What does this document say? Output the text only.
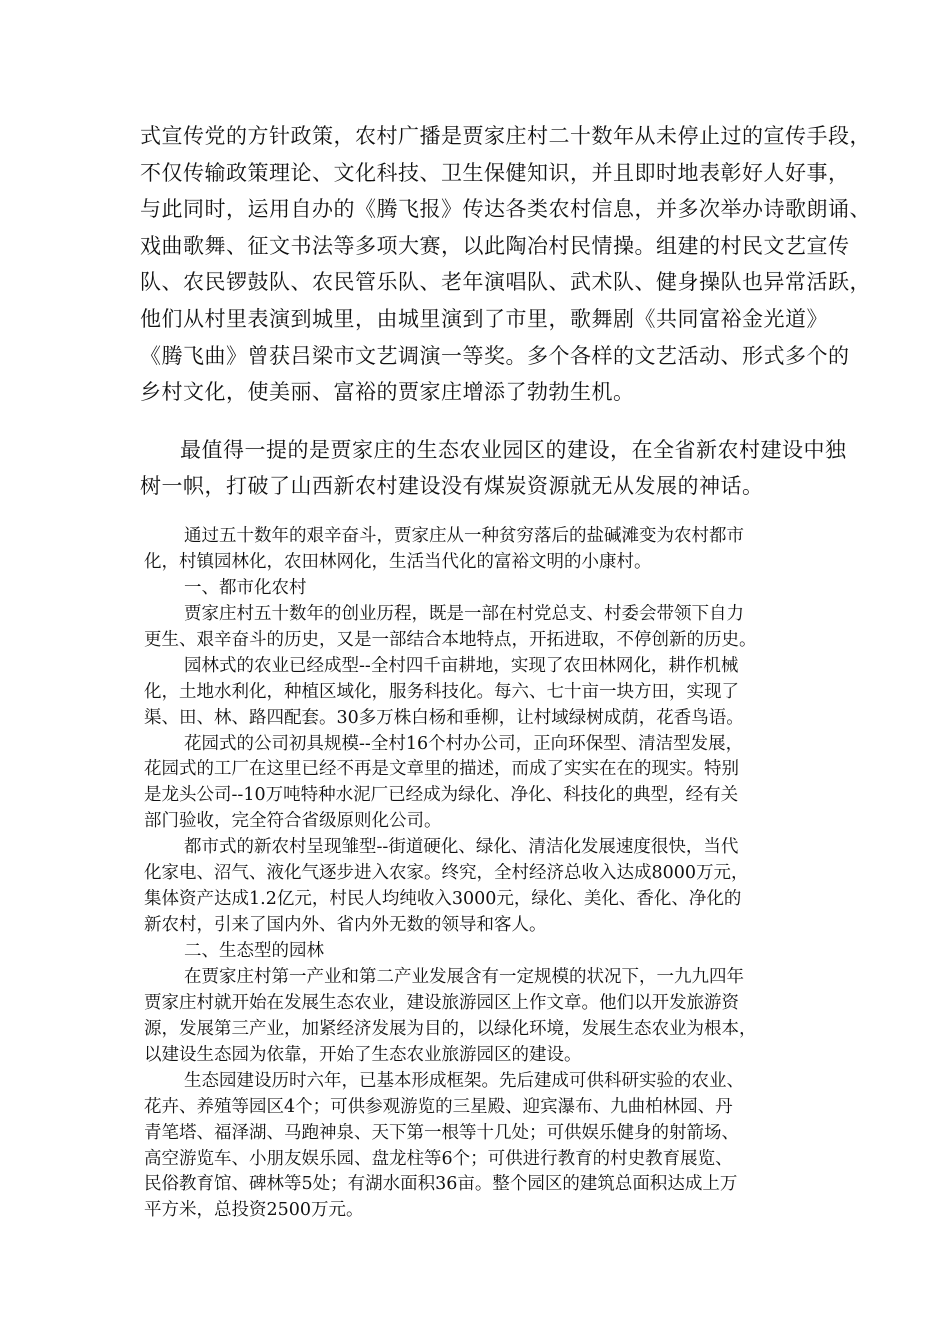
式宣传党的方针政策，农村广播是贾家庄村二十数年从未停止过的宣传手段，
不仅传输政策理论、文化科技、卫生保健知识，并且即时地表彰好人好事，
与此同时，运用自办的《腾飞报》传达各类农村信息，并多次举办诗歌朗诵、
戏曲歌舞、征文书法等多项大赛，以此陶冶村民情操。组建的村民文艺宣传
队、农民锣鼓队、农民管乐队、老年演唱队、武术队、健身操队也异常活跃，
他们从村里表演到城里，由城里演到了市里，歌舞剧《共同富裕金光道》
《腾飞曲》曾获吕梁市文艺调演一等奖。多个各样的文艺活动、形式多个的
乡村文化，使美丽、富裕的贾家庄增添了勃勃生机。
最值得一提的是贾家庄的生态农业园区的建设，在全省新农村建设中独
树一帜，打破了山西新农村建设没有煤炭资源就无从发展的神话。
通过五十数年的艰辛奋斗，贾家庄从一种贫穷落后的盐碱滩变为农村都市
化，村镇园林化，农田林网化，生活当代化的富裕文明的小康村。
一、都市化农村
贾家庄村五十数年的创业历程，既是一部在村党总支、村委会带领下自力
更生、艰辛奋斗的历史，又是一部结合本地特点，开拓进取，不停创新的历史。
园林式的农业已经成型--全村四千亩耕地，实现了农田林网化，耕作机械
化，土地水利化，种植区域化，服务科技化。每六、七十亩一块方田，实现了
渠、田、林、路四配套。30多万株白杨和垂柳，让村域绿树成荫，花香鸟语。
花园式的公司初具规模--全村16个村办公司，正向环保型、清洁型发展，
花园式的工厂在这里已经不再是文章里的描述，而成了实实在在的现实。特别
是龙头公司--10万吨特种水泥厂已经成为绿化、净化、科技化的典型，经有关
部门验收，完全符合省级原则化公司。
都市式的新农村呈现雏型--街道硬化、绿化、清洁化发展速度很快，当代
化家电、沼气、液化气逐步进入农家。终究，全村经济总收入达成8000万元，
集体资产达成1.2亿元，村民人均纯收入3000元，绿化、美化、香化、净化的
新农村，引来了国内外、省内外无数的领导和客人。
二、生态型的园林
在贾家庄村第一产业和第二产业发展含有一定规模的状况下，一九九四年
贾家庄村就开始在发展生态农业，建设旅游园区上作文章。他们以开发旅游资
源，发展第三产业，加紧经济发展为目的，以绿化环境，发展生态农业为根本，
以建设生态园为依靠，开始了生态农业旅游园区的建设。
生态园建设历时六年，已基本形成框架。先后建成可供科研实验的农业、
花卉、养殖等园区4个；可供参观游览的三星殿、迎宾瀑布、九曲柏林园、丹
青笔塔、福泽湖、马跑神泉、天下第一根等十几处；可供娱乐健身的射箭场、
高空游览车、小朋友娱乐园、盘龙柱等6个；可供进行教育的村史教育展览、
民俗教育馆、碑林等5处；有湖水面积36亩。整个园区的建筑总面积达成上万
平方米，总投资2500万元。
